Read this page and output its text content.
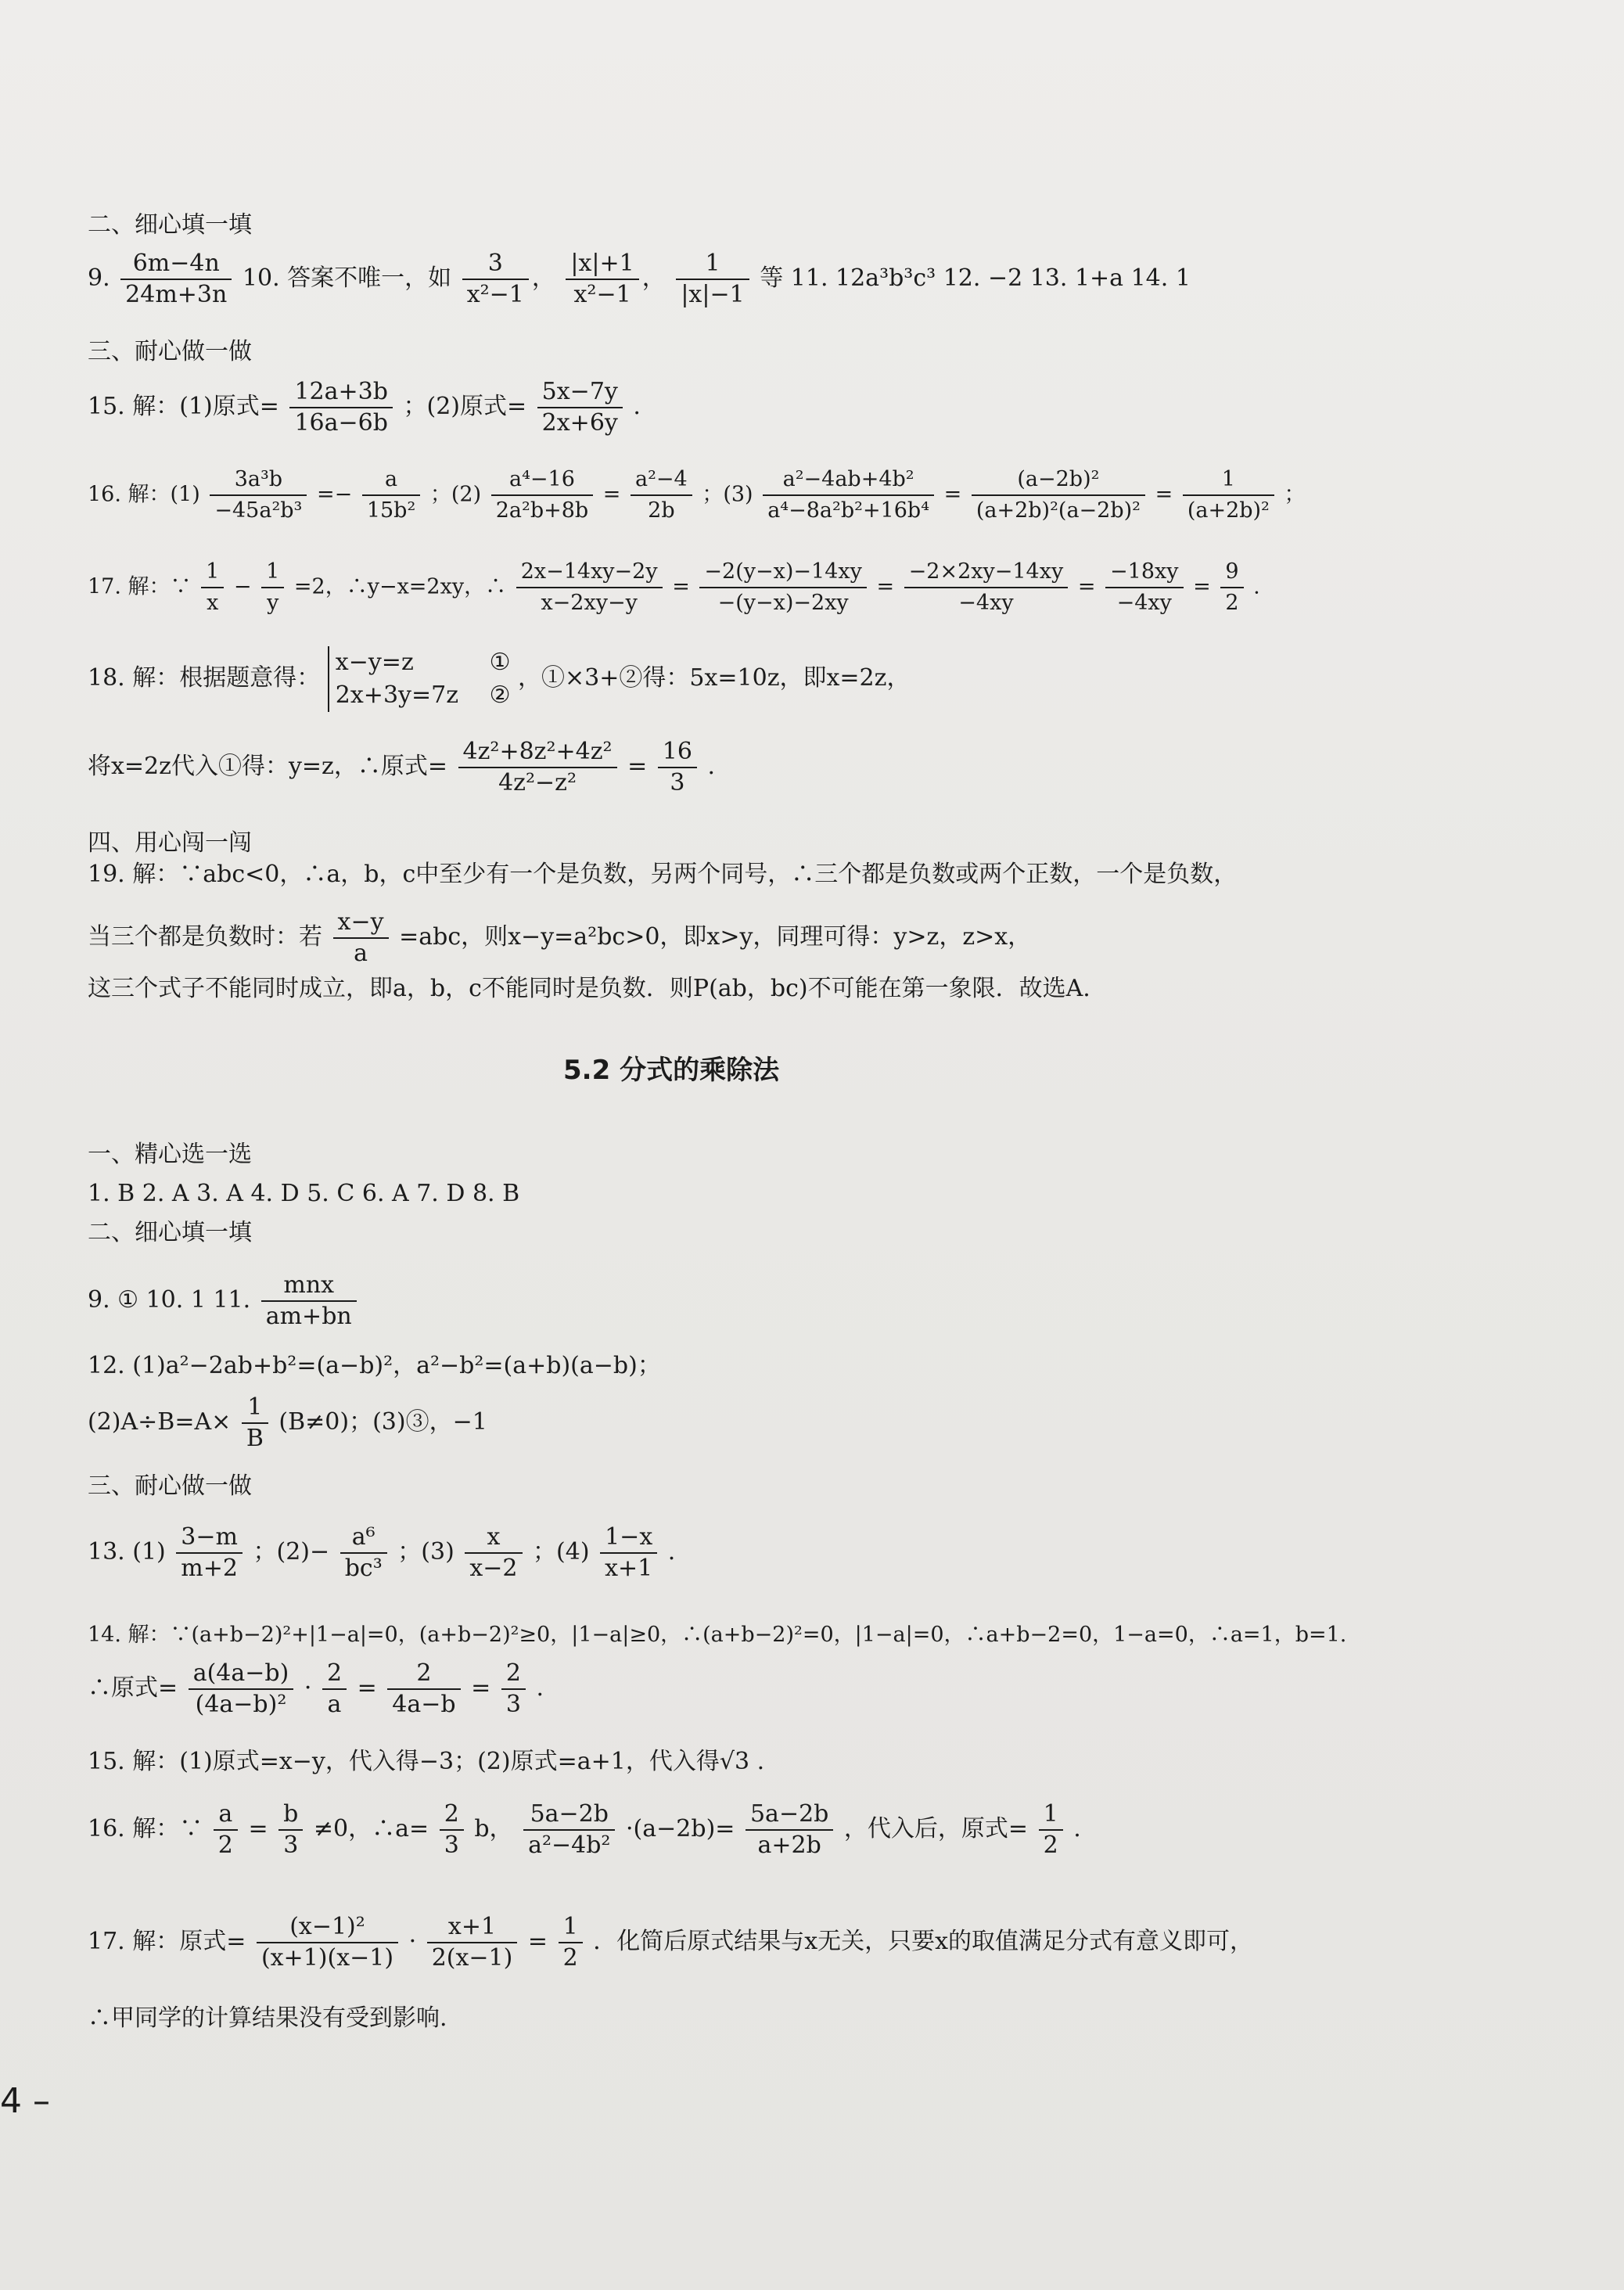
二、细心填一填
9. $\frac{6m-4n}{24m+3n} 10$. 答案不唯一，如 $\frac{3}{\text{x²−1}}$ ， $\frac{|x|+1}{\text{x²−1}}$ ， $\frac{1}{|x|-1}$ 等 11. 12a³b³c³ 12. −2 13. 1+a 14. 1
三、耐心做一做
15. 解：(1)原式= $\frac{12a+3b}{16a-6b}$ ；(2)原式= $\frac{5x-7y}{2x+6y}$ .
16. 解：$(1) \frac{\text{3a³b}}{\text{−45a²b³}} =- \frac{a}{\text{15b²}}$ ；$(2) \frac{\text{a⁴−16}}{\text{2a²b+8b}} = \frac{\text{a²−4}}{2b}$ ；$(3) \frac{\text{a²−4ab+4b²}}{\text{a⁴−8a²b²+16b⁴}} = \frac{\text{(a−2b)²}}{\text{(a+2b)²(a−2b)²}} = \frac{1}{\text{(a+2b)²}}$ ；
17. 解：∵ $\frac{1}{x} - \frac{1}{y} =2$，∴y−x=2xy，∴ $\frac{2x-14xy-2y}{x-2xy-y} = \frac{-2(y-x)-14xy}{-(y-x)-2xy} = \frac{-2\times 2xy-14xy}{-4xy} = \frac{-18xy}{-4xy} = \frac{9}{2}$ .
18. 解：根据题意得：
x−y=z
2x+3y=7z

①
②
，①×3+②得：5x=10z，即x=2z，
将x=2z代入①得：y=z，∴原式= $\frac{\text{4z²+8z²+4z²}}{\text{4z²−z²}} = \frac{16}{3}$ .
四、用心闯一闯
19. 解：∵abc<0，∴a，b，c中至少有一个是负数，另两个同号，∴三个都是负数或两个正数，一个是负数，
当三个都是负数时：若 $\frac{x-y}{a} =abc$，则x−y=a²bc>0，即x>y，同理可得：y>z，z>x，
这三个式子不能同时成立，即a，b，c不能同时是负数．则P(ab，bc)不可能在第一象限．故选A.
5.2 分式的乘除法
一、精心选一选
1. B 2. A 3. A 4. D 5. C 6. A 7. D 8. B
二、细心填一填
9. ① 10. 1 11.
mnx
am+bn
12. (1)a²−2ab+b²=(a−b)²，a²−b²=(a+b)(a−b)；
$(2)A\div B=A\times \frac{1}{B} (B\ne 0)$；(3)③，−1
三、耐心做一做
13. $(1) \frac{3-m}{m+2}$ ；$(2)- \frac{\text{a⁶}}{\text{bc³}}$ ；$(3) \frac{x}{x-2}$ ；$(4) \frac{1-x}{x+1}$ .
14. 解：∵(a+b−2)²+|1−a|=0，(a+b−2)²≥0，|1−a|≥0，∴(a+b−2)²=0，|1−a|=0，∴a+b−2=0，1−a=0，∴a=1，b=1.
∴原式= $\frac{a(4a-b)}{\text{(4a−b)²}} \cdot \frac{2}{a} = \frac{2}{4a-b} = \frac{2}{3}$ .
15. 解：(1)原式=x−y，代入得−3；(2)原式=a+1，代入得√3 .
16. 解：∵ $\frac{a}{2} = \frac{b}{3} \ne 0$，∴a= $\frac{2}{3}$ b， $\frac{5a-2b}{\text{a²−4b²}} \cdot(a-2b)= \frac{5a-2b}{a+2b}$ ，代入后，原式= $\frac{1}{2}$ .
17. 解：原式= $\frac{\text{(x−1)²}}{(x+1)(x-1)} \cdot \frac{x+1}{2(x-1)} = \frac{1}{2}$ ．化简后原式结果与x无关，只要x的取值满足分式有意义即可，
∴甲同学的计算结果没有受到影响.
4 –
